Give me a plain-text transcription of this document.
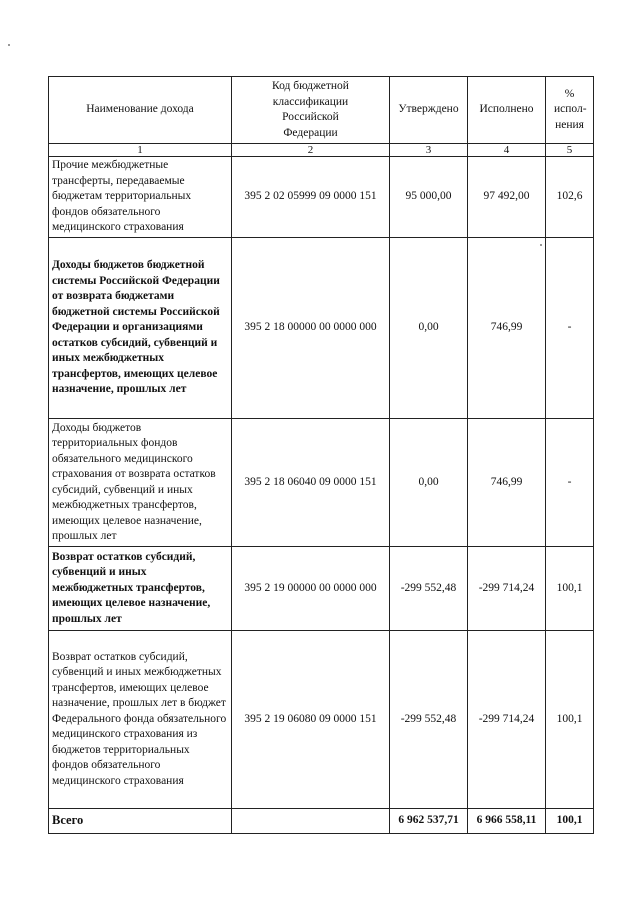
Наименование дохода	Код бюджетной классификации Российской Федерации	Утверждено	Исполнено	% испол- нения
1	2	3	4	5
Прочие межбюджетные трансферты, передаваемые бюджетам территориальных фондов обязательного медицинского страхования	395 2 02 05999 09 0000 151	95 000,00	97 492,00	102,6
Доходы бюджетов бюджетной системы Российской Федерации от возврата бюджетами бюджетной системы Российской Федерации и организациями остатков субсидий, субвенций и иных межбюджетных трансфертов, имеющих целевое назначение, прошлых лет	395 2 18 00000 00 0000 000	0,00	746,99	-
Доходы бюджетов территориальных фондов обязательного медицинского страхования от возврата остатков субсидий, субвенций и иных межбюджетных трансфертов, имеющих целевое назначение, прошлых лет	395 2 18 06040 09 0000 151	0,00	746,99	-
Возврат остатков субсидий, субвенций и иных межбюджетных трансфертов, имеющих целевое назначение, прошлых лет	395 2 19 00000 00 0000 000	-299 552,48	-299 714,24	100,1
Возврат остатков субсидий, субвенций и иных межбюджетных трансфертов, имеющих целевое назначение, прошлых лет в бюджет Федерального фонда обязательного медицинского страхования из бюджетов территориальных фондов обязательного медицинского страхования	395 2 19 06080 09 0000 151	-299 552,48	-299 714,24	100,1
Всего		6 962 537,71	6 966 558,11	100,1
